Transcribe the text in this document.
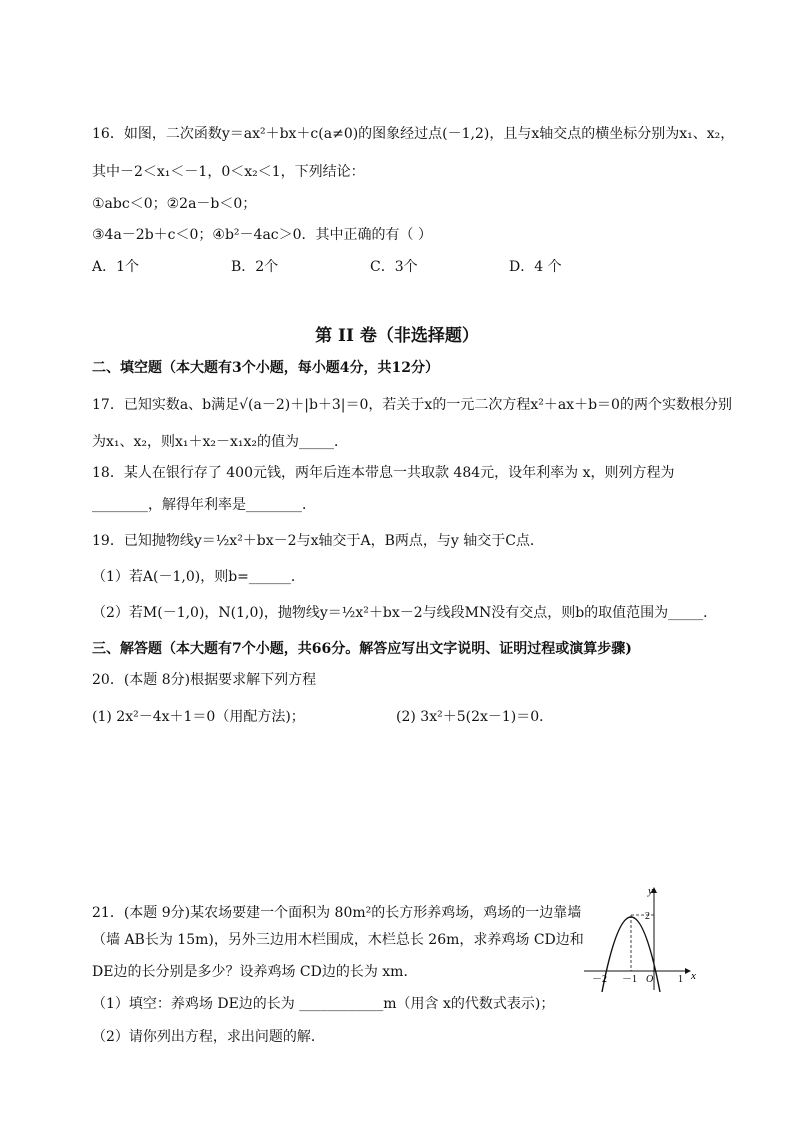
16．如图，二次函数y＝ax²＋bx＋c(a≠0)的图象经过点(－1,2)，且与x轴交点的横坐标分别为x₁、x₂，
其中－2＜x₁＜－1，0＜x₂＜1，下列结论：
①abc＜0；②2a－b＜0；
③4a－2b＋c＜0；④b²－4ac＞0．其中正确的有（ ）
A．1个	B．2个	C．3个	D．4 个
第 II 卷（非选择题）
二、填空题（本大题有3个小题，每小题4分，共12分）
17．已知实数a、b满足√(a－2)＋|b＋3|＝0，若关于x的一元二次方程x²＋ax＋b＝0的两个实数根分别
为x₁、x₂，则x₁＋x₂－x₁x₂的值为_____．
18．某人在银行存了 400元钱，两年后连本带息一共取款 484元，设年利率为 x，则列方程为
________，解得年利率是________．
19．已知抛物线y＝½x²＋bx－2与x轴交于A，B两点，与y 轴交于C点．
（1）若A(－1,0)，则b=______．
（2）若M(－1,0)，N(1,0)，抛物线y＝½x²＋bx－2与线段MN没有交点，则b的取值范围为_____．
三、解答题（本大题有7个小题，共66分。解答应写出文字说明、证明过程或演算步骤)
20．(本题 8分)根据要求解下列方程
(1) 2x²－4x＋1＝0（用配方法)；	(2) 3x²＋5(2x－1)＝0．
21．(本题 9分)某农场要建一个面积为 80m²的长方形养鸡场，鸡场的一边靠墙
（墙 AB长为 15m)，另外三边用木栏围成，木栏总长 26m，求养鸡场 CD边和
DE边的长分别是多少？设养鸡场 CD边的长为 xm．
（1）填空：养鸡场 DE边的长为 ____________m（用含 x的代数式表示)；
（2）请你列出方程，求出问题的解．
y
x
2
－2 －1 O 1
